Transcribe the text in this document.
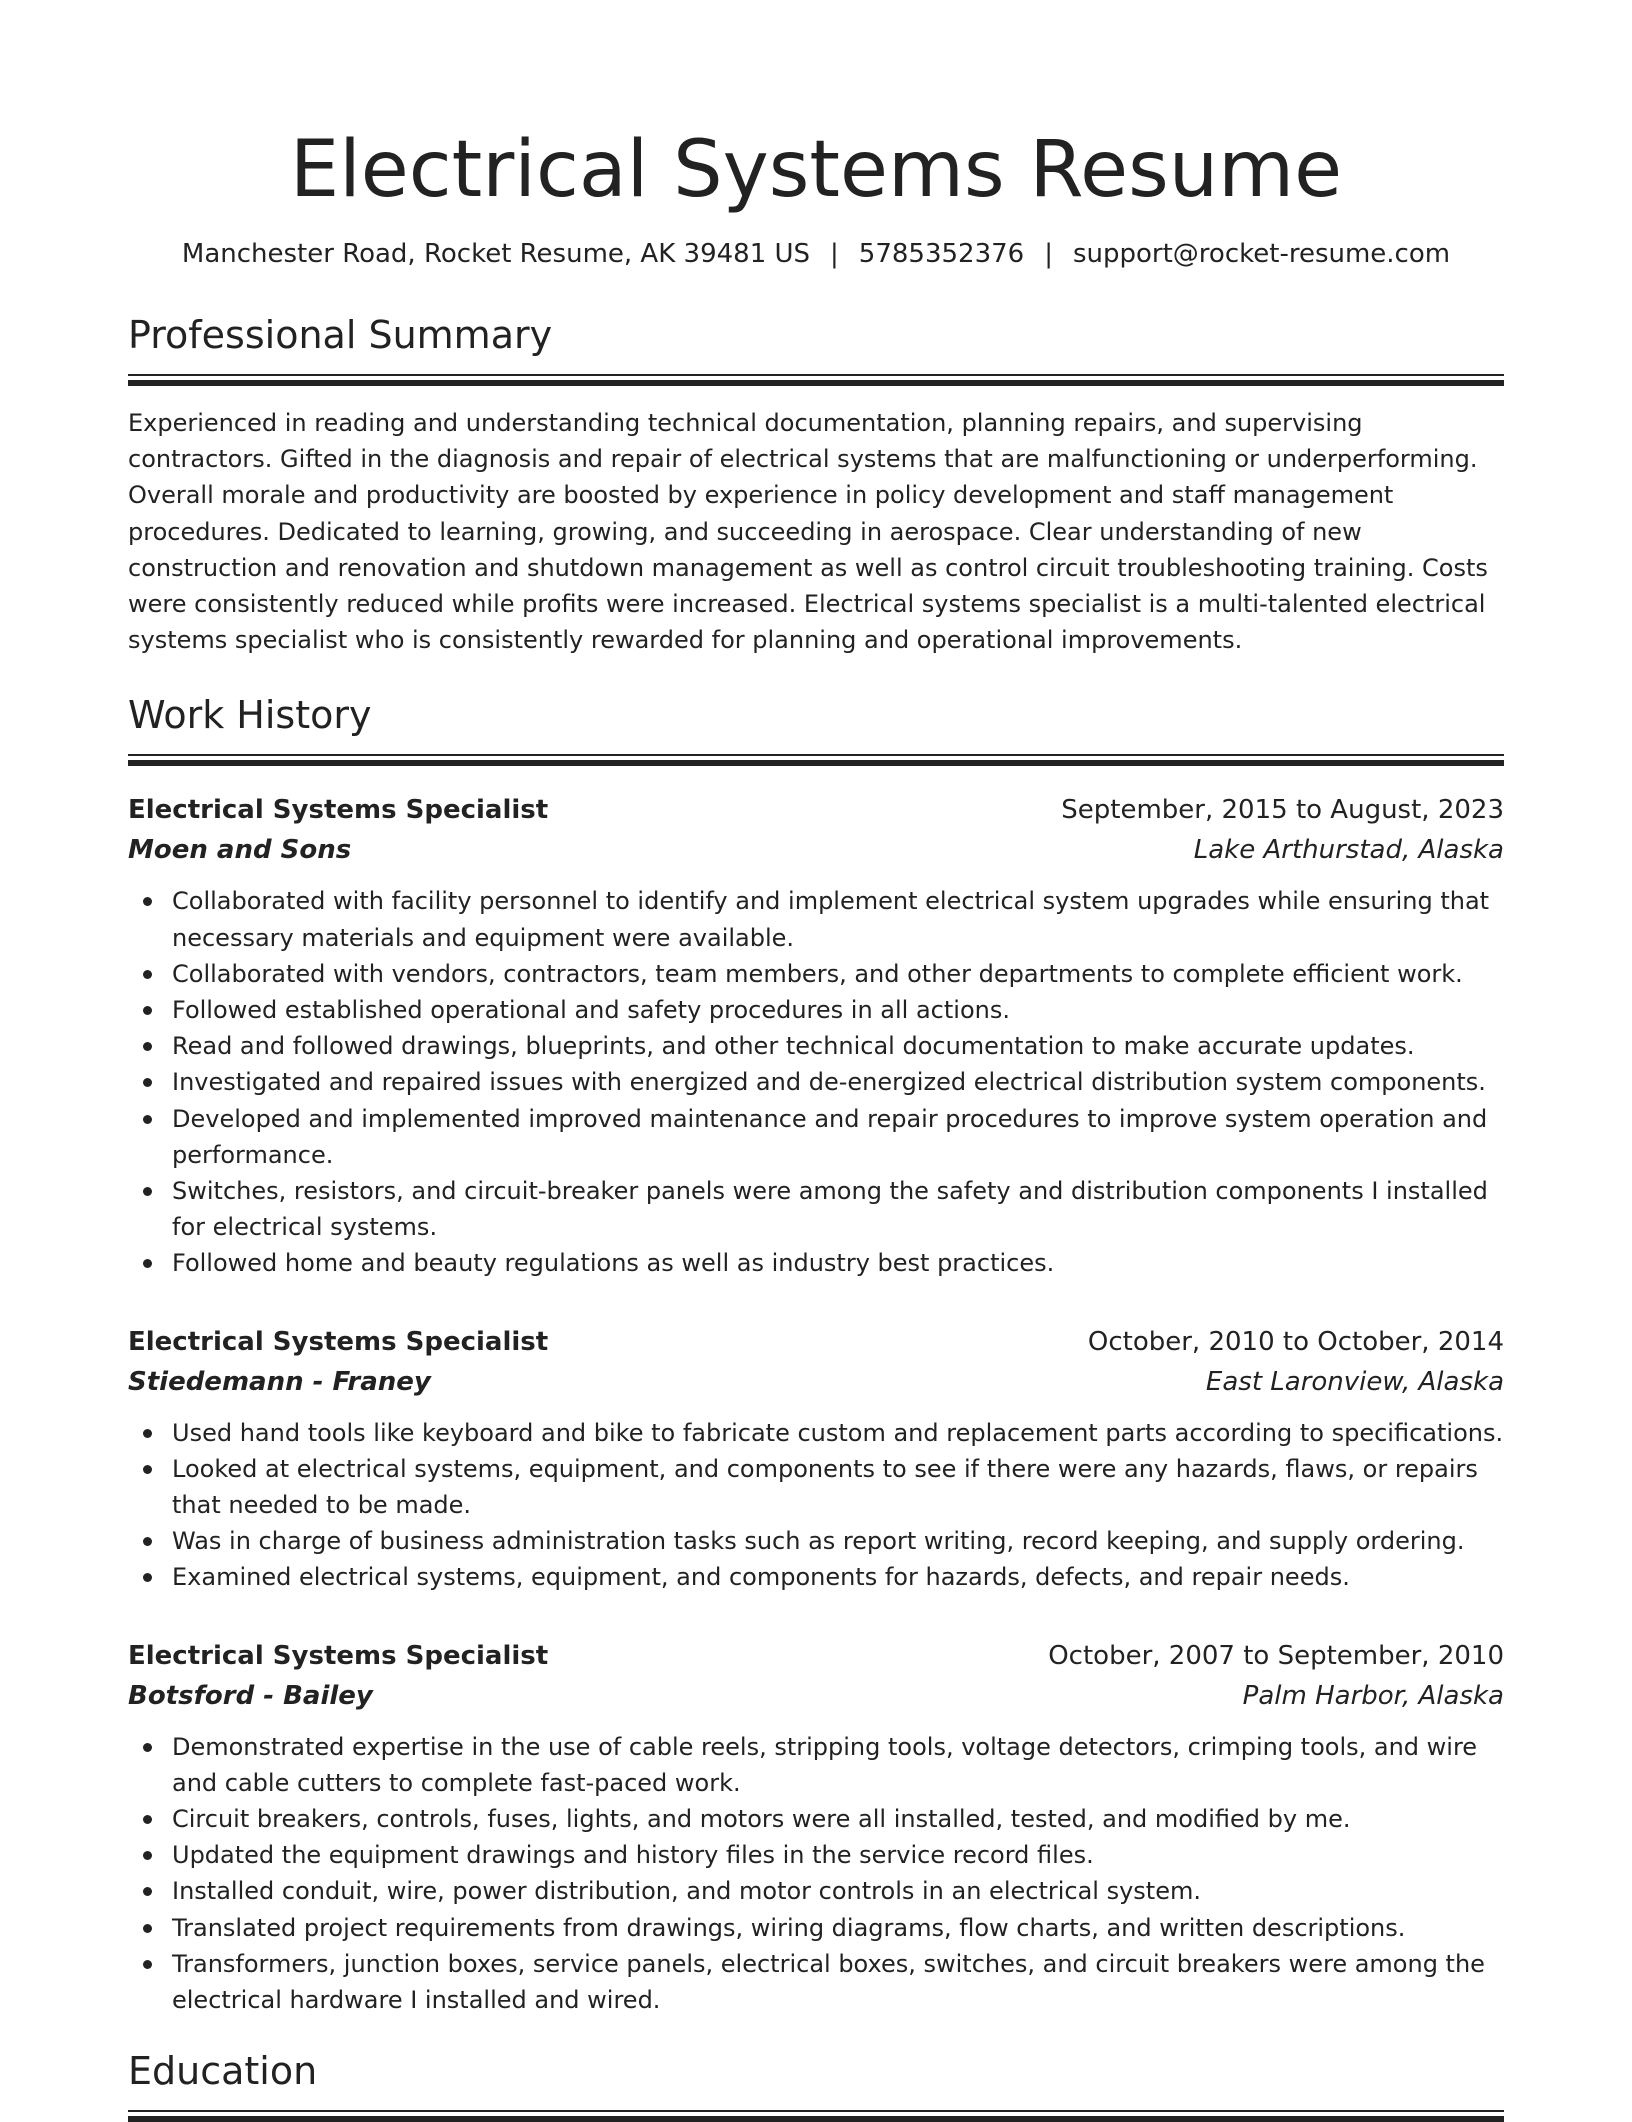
Electrical Systems Resume
Manchester Road, Rocket Resume, AK 39481 US | 5785352376 | support@rocket-resume.com
Professional Summary

Experienced in reading and understanding technical documentation, planning repairs, and supervising contractors. Gifted in the diagnosis and repair of electrical systems that are malfunctioning or underperforming. Overall morale and productivity are boosted by experience in policy development and staff management procedures. Dedicated to learning, growing, and succeeding in aerospace. Clear understanding of new construction and renovation and shutdown management as well as control circuit troubleshooting training. Costs were consistently reduced while profits were increased. Electrical systems specialist is a multi-talented electrical systems specialist who is consistently rewarded for planning and operational improvements.

Work History
Electrical Systems Specialist	September, 2015 to August, 2023
Moen and Sons	Lake Arthurstad, Alaska
Collaborated with facility personnel to identify and implement electrical system upgrades while ensuring that necessary materials and equipment were available.
Collaborated with vendors, contractors, team members, and other departments to complete efficient work.
Followed established operational and safety procedures in all actions.
Read and followed drawings, blueprints, and other technical documentation to make accurate updates.
Investigated and repaired issues with energized and de-energized electrical distribution system components.
Developed and implemented improved maintenance and repair procedures to improve system operation and performance.
Switches, resistors, and circuit-breaker panels were among the safety and distribution components I installed for electrical systems.
Followed home and beauty regulations as well as industry best practices.
Electrical Systems Specialist	October, 2010 to October, 2014
Stiedemann - Franey	East Laronview, Alaska
Used hand tools like keyboard and bike to fabricate custom and replacement parts according to specifications.
Looked at electrical systems, equipment, and components to see if there were any hazards, flaws, or repairs that needed to be made.
Was in charge of business administration tasks such as report writing, record keeping, and supply ordering.
Examined electrical systems, equipment, and components for hazards, defects, and repair needs.
Electrical Systems Specialist	October, 2007 to September, 2010
Botsford - Bailey	Palm Harbor, Alaska
Demonstrated expertise in the use of cable reels, stripping tools, voltage detectors, crimping tools, and wire and cable cutters to complete fast-paced work.
Circuit breakers, controls, fuses, lights, and motors were all installed, tested, and modified by me.
Updated the equipment drawings and history files in the service record files.
Installed conduit, wire, power distribution, and motor controls in an electrical system.
Translated project requirements from drawings, wiring diagrams, flow charts, and written descriptions.
Transformers, junction boxes, service panels, electrical boxes, switches, and circuit breakers were among the electrical hardware I installed and wired.
Education
